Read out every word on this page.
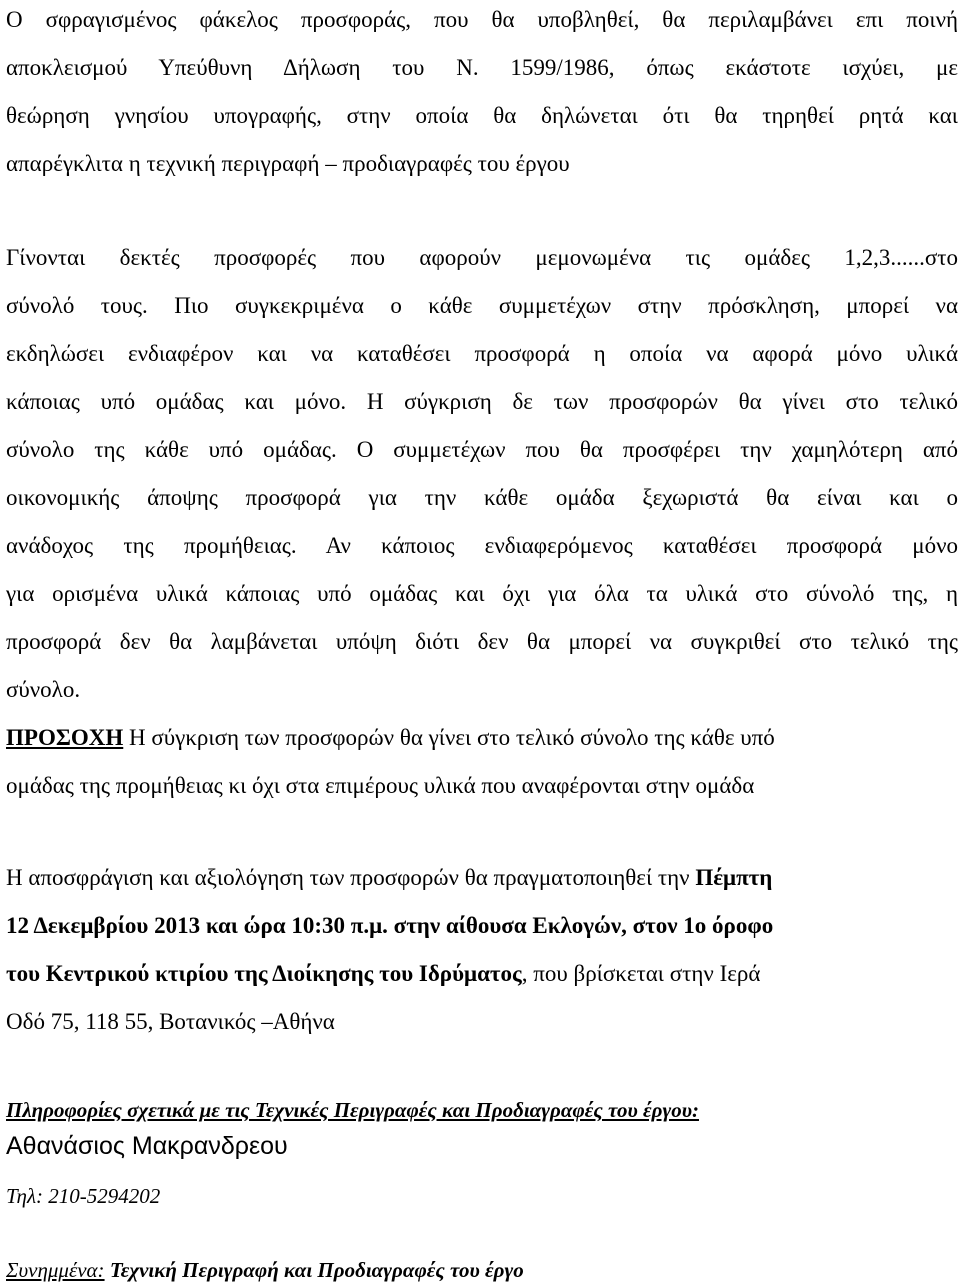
Ο σφραγισμένος φάκελος προσφοράς, που θα υποβληθεί, θα περιλαμβάνει επι ποινή
αποκλεισμού Υπεύθυνη Δήλωση του Ν. 1599/1986, όπως εκάστοτε ισχύει, με
θεώρηση γνησίου υπογραφής, στην οποία θα δηλώνεται ότι θα τηρηθεί ρητά και
απαρέγκλιτα η τεχνική περιγραφή – προδιαγραφές του έργου
Γίνονται δεκτές προσφορές που αφορούν μεμονωμένα τις ομάδες 1,2,3......στο
σύνολό τους. Πιο συγκεκριμένα ο κάθε συμμετέχων στην πρόσκληση, μπορεί να
εκδηλώσει ενδιαφέρον και να καταθέσει προσφορά η οποία να αφορά μόνο υλικά
κάποιας υπό ομάδας και μόνο. Η σύγκριση δε των προσφορών θα γίνει στο τελικό
σύνολο της κάθε υπό ομάδας. Ο συμμετέχων που θα προσφέρει την χαμηλότερη από
οικονομικής άποψης προσφορά για την κάθε ομάδα ξεχωριστά θα είναι και ο
ανάδοχος της προμήθειας. Αν κάποιος ενδιαφερόμενος καταθέσει προσφορά μόνο
για ορισμένα υλικά κάποιας υπό ομάδας και όχι για όλα τα υλικά στο σύνολό της, η
προσφορά δεν θα λαμβάνεται υπόψη διότι δεν θα μπορεί να συγκριθεί στο τελικό της
σύνολο.
ΠΡΟΣΟΧΗ Η σύγκριση των προσφορών θα γίνει στο τελικό σύνολο της κάθε υπό
ομάδας της προμήθειας κι όχι στα επιμέρους υλικά που αναφέρονται στην ομάδα
Η αποσφράγιση και αξιολόγηση των προσφορών θα πραγματοποιηθεί την Πέμπτη
12 Δεκεμβρίου 2013 και ώρα 10:30 π.μ. στην αίθουσα Εκλογών, στον 1ο όροφο
του Κεντρικού κτιρίου της Διοίκησης του Ιδρύματος, που βρίσκεται στην Ιερά
Οδό 75, 118 55, Βοτανικός –Αθήνα
Πληροφορίες σχετικά με τις Τεχνικές Περιγραφές και Προδιαγραφές του έργου:
Αθανάσιος Μακρανδρεου
Τηλ: 210-5294202
Συνημμένα: Τεχνική Περιγραφή και Προδιαγραφές του έργο
